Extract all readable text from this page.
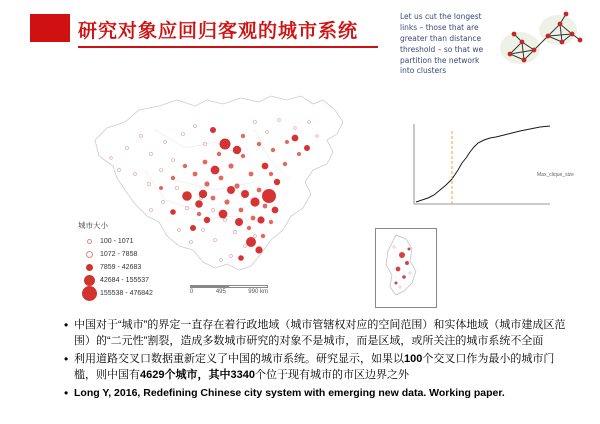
研究对象应回归客观的城市系统
Let us cut the longest links – those that are greater than distance threshold – so that we partition the network into clusters
城市大小
100 - 1071
1072 - 7858
7859 - 42683
42684 - 155537
155538 - 476842	0	495	990 km
Max_clique_size
• 中国对于“城市”的界定一直存在着行政地域（城市管辖权对应的空间范围）和实体地域（城市建成区范围）的“二元性”割裂，造成多数城市研究的对象不是城市，而是区域，或所关注的城市系统不全面
• 利用道路交叉口数据重新定义了中国的城市系统。研究显示，如果以100个交叉口作为最小的城市门槛，则中国有4629个城市，其中3340个位于现有城市的市区边界之外
• Long Y, 2016, Redefining Chinese city system with emerging new data. Working paper.
